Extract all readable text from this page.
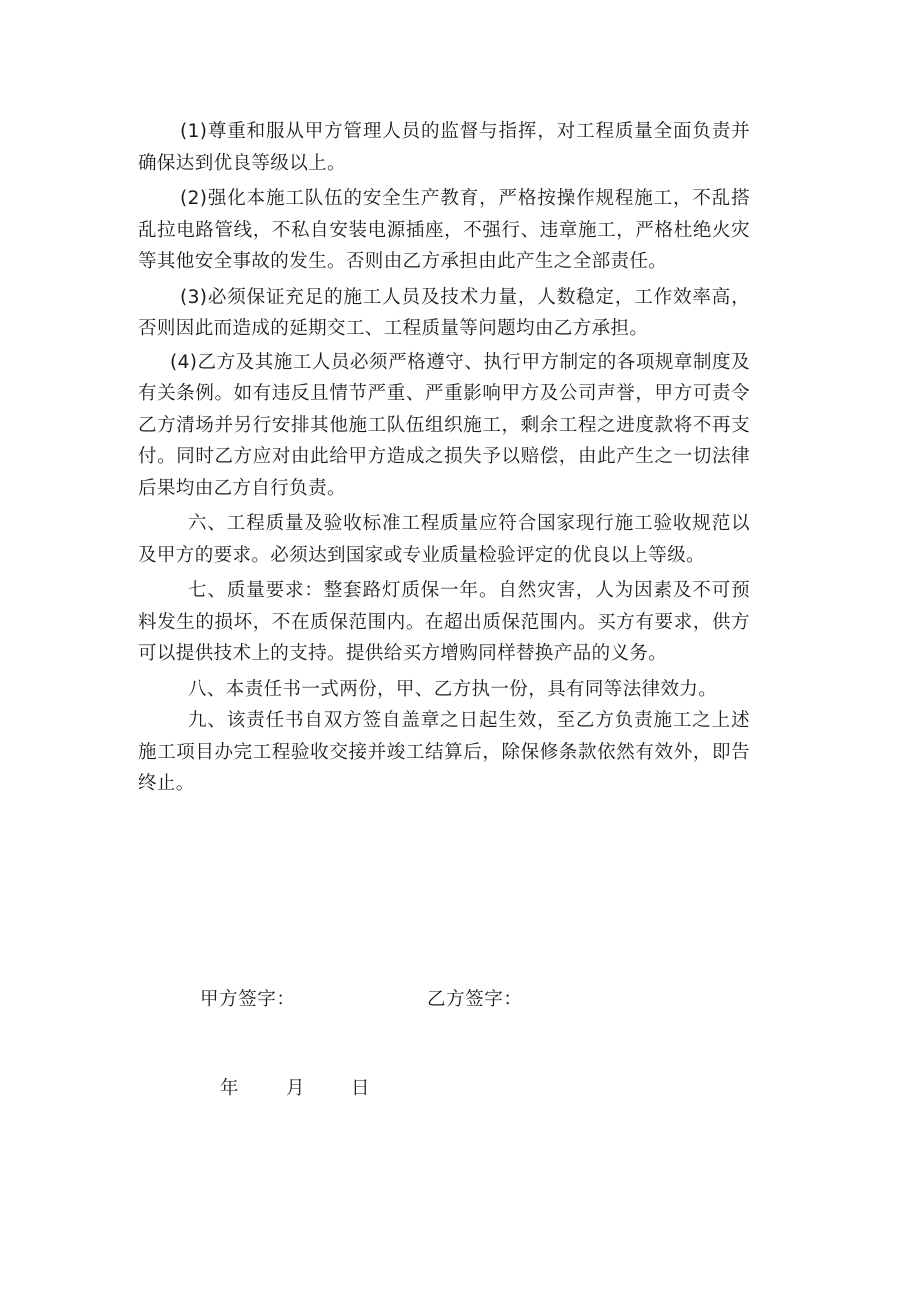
(1)尊重和服从甲方管理人员的监督与指挥，对工程质量全面负责并确保达到优良等级以上。

(2)强化本施工队伍的安全生产教育，严格按操作规程施工，不乱搭乱拉电路管线，不私自安装电源插座，不强行、违章施工，严格杜绝火灾等其他安全事故的发生。否则由乙方承担由此产生之全部责任。

(3)必须保证充足的施工人员及技术力量，人数稳定，工作效率高，否则因此而造成的延期交工、工程质量等问题均由乙方承担。

(4)乙方及其施工人员必须严格遵守、执行甲方制定的各项规章制度及有关条例。如有违反且情节严重、严重影响甲方及公司声誉，甲方可责令乙方清场并另行安排其他施工队伍组织施工，剩余工程之进度款将不再支付。同时乙方应对由此给甲方造成之损失予以赔偿，由此产生之一切法律后果均由乙方自行负责。

六、工程质量及验收标准工程质量应符合国家现行施工验收规范以及甲方的要求。必须达到国家或专业质量检验评定的优良以上等级。

七、质量要求：整套路灯质保一年。自然灾害，人为因素及不可预料发生的损坏，不在质保范围内。在超出质保范围内。买方有要求，供方可以提供技术上的支持。提供给买方增购同样替换产品的义务。

八、本责任书一式两份，甲、乙方执一份，具有同等法律效力。

九、该责任书自双方签自盖章之日起生效，至乙方负责施工之上述施工项目办完工程验收交接并竣工结算后，除保修条款依然有效外，即告终止。

甲方签字：	乙方签字：
年	月	日
